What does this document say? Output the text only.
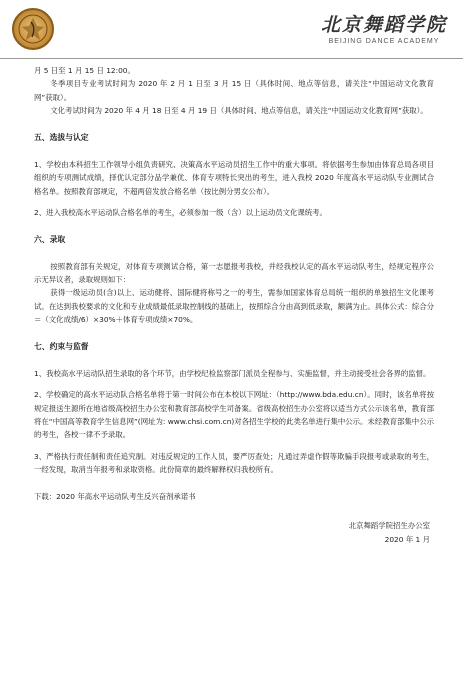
北京舞蹈学院
BEIJING DANCE ACADEMY

月 5 日至 1 月 15 日 12:00。

冬季项目专业考试时间为 2020 年 2 月 1 日至 3 月 15 日（具体时间、地点等信息，请关注“中国运动文化教育网”获取）。

文化考试时间为 2020 年 4 月 18 日至 4 月 19 日（具体时间、地点等信息，请关注“中国运动文化教育网”获取）。

五、选拔与认定

1、学校由本科招生工作领导小组负责研究、决策高水平运动员招生工作中的重大事项。将依据考生参加由体育总局各项目组织的专项测试成绩，择优认定部分品学兼优、体育专项特长突出的考生，进入我校 2020 年度高水平运动队专业测试合格名单。按照教育部规定，不超两倍发放合格名单（按比例分男女公布）。

2、进入我校高水平运动队合格名单的考生，必须参加一级（含）以上运动员文化课统考。

六、录取

按照教育部有关规定，对体育专项测试合格，第一志愿报考我校，并经我校认定的高水平运动队考生，经规定程序公示无异议者，录取规则如下：

获得一级运动员(含)以上、运动健将、国际健将称号之一的考生，需参加国家体育总局统一组织的单独招生文化课考试。在达到我校要求的文化和专业成绩最低录取控制线的基础上，按照综合分由高到低录取，额满为止。具体公式：综合分＝（文化成绩/6）×30%＋体育专项成绩×70%。

七、约束与监督

1、我校高水平运动队招生录取的各个环节，由学校纪检监察部门派员全程参与、实施监督，并主动接受社会各界的监督。

2、学校确定的高水平运动队合格名单将于第一时间公布在本校以下网址：（http://www.bda.edu.cn）。同时，该名单将按规定报送生源所在地省级高校招生办公室和教育部高校学生司备案。省级高校招生办公室将以适当方式公示该名单，教育部将在“中国高等教育学生信息网”(网址为: www.chsi.com.cn)对各招生学校的此类名单进行集中公示。未经教育部集中公示的考生，各校一律不予录取。

3、严格执行责任制和责任追究制。对违反规定的工作人员，要严厉查处；凡通过弄虚作假等欺骗手段报考或录取的考生，一经发现，取消当年报考和录取资格。此份简章的最终解释权归我校所有。

下载：2020 年高水平运动队考生反兴奋剂承诺书

北京舞蹈学院招生办公室

2020 年 1 月
